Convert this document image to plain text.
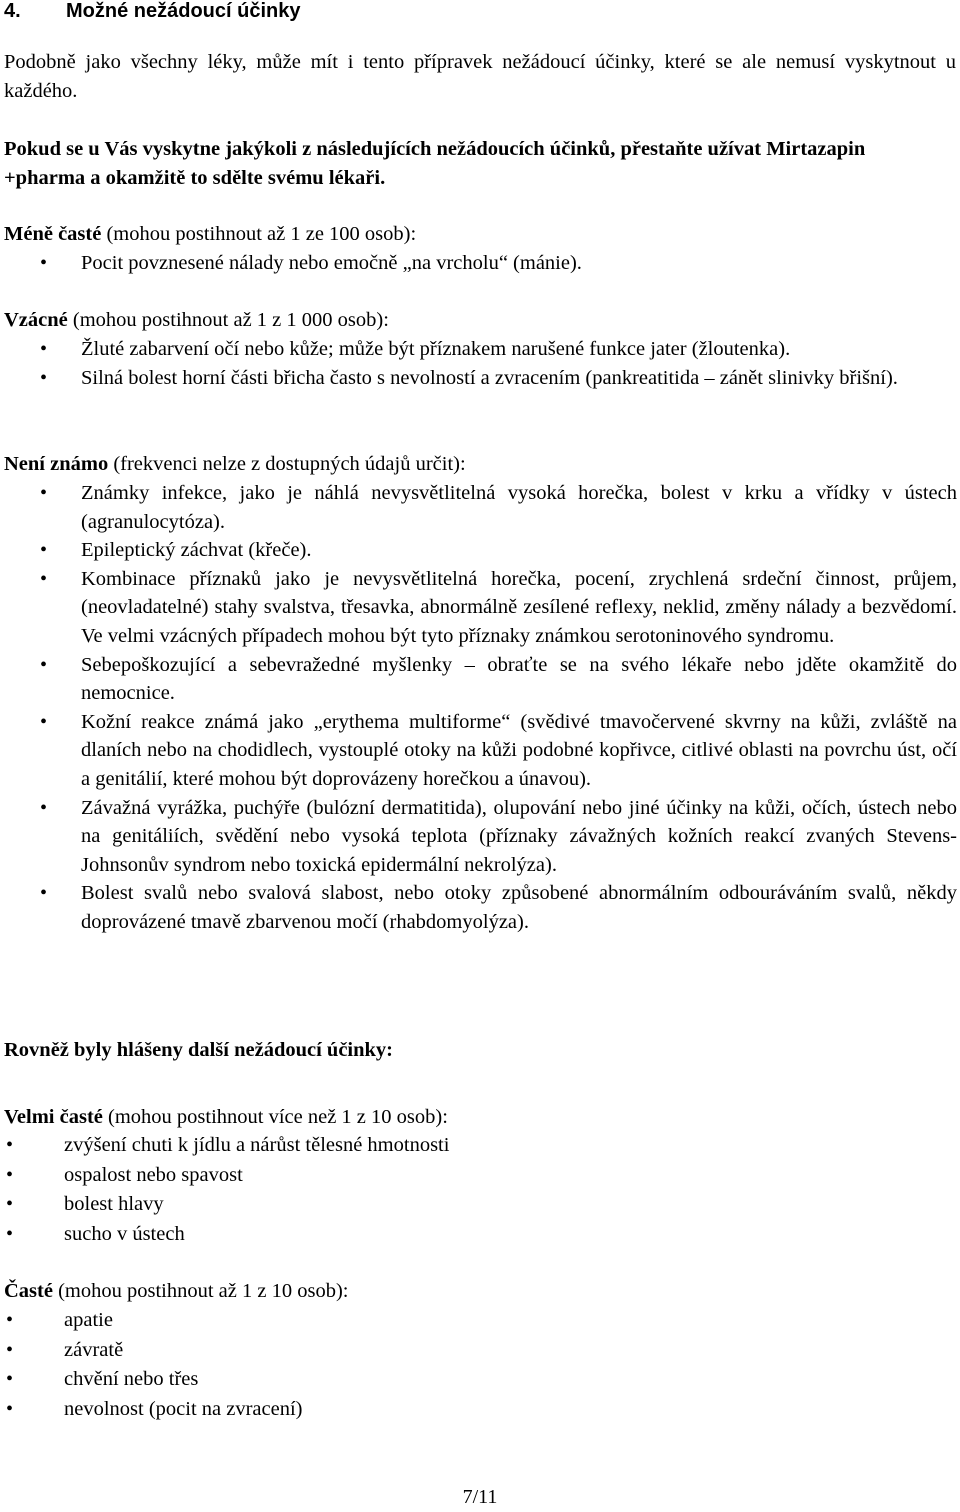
4. Možné nežádoucí účinky
Podobně jako všechny léky, může mít i tento přípravek nežádoucí účinky, které se ale nemusí vyskytnout u každého.
Pokud se u Vás vyskytne jakýkoli z následujících nežádoucích účinků, přestaňte užívat Mirtazapin +pharma a okamžitě to sdělte svému lékaři.
Méně časté (mohou postihnout až 1 ze 100 osob):
• Pocit povznesené nálady nebo emočně „na vrcholu“ (mánie).
Vzácné (mohou postihnout až 1 z 1 000 osob):
• Žluté zabarvení očí nebo kůže; může být příznakem narušené funkce jater (žloutenka).
• Silná bolest horní části břicha často s nevolností a zvracením (pankreatitida – zánět slinivky břišní).
Není známo (frekvenci nelze z dostupných údajů určit):
• Známky infekce, jako je náhlá nevysvětlitelná vysoká horečka, bolest v krku a vřídky v ústech (agranulocytóza).
• Epileptický záchvat (křeče).
• Kombinace příznaků jako je nevysvětlitelná horečka, pocení, zrychlená srdeční činnost, průjem, (neovladatelné) stahy svalstva, třesavka, abnormálně zesílené reflexy, neklid, změny nálady a bezvědomí. Ve velmi vzácných případech mohou být tyto příznaky známkou serotoninového syndromu.
• Sebepoškozující a sebevražedné myšlenky – obraťte se na svého lékaře nebo jděte okamžitě do nemocnice.
• Kožní reakce známá jako „erythema multiforme“ (svědivé tmavočervené skvrny na kůži, zvláště na dlaních nebo na chodidlech, vystouplé otoky na kůži podobné kopřivce, citlivé oblasti na povrchu úst, očí a genitálií, které mohou být doprovázeny horečkou a únavou).
• Závažná vyrážka, puchýře (bulózní dermatitida), olupování nebo jiné účinky na kůži, očích, ústech nebo na genitáliích, svědění nebo vysoká teplota (příznaky závažných kožních reakcí zvaných Stevens-Johnsonův syndrom nebo toxická epidermální nekrolýza).
• Bolest svalů nebo svalová slabost, nebo otoky způsobené abnormálním odbouráváním svalů, někdy doprovázené tmavě zbarvenou močí (rhabdomyolýza).
Rovněž byly hlášeny další nežádoucí účinky:
Velmi časté (mohou postihnout více než 1 z 10 osob):
• zvýšení chuti k jídlu a nárůst tělesné hmotnosti
• ospalost nebo spavost
• bolest hlavy
• sucho v ústech
Časté (mohou postihnout až 1 z 10 osob):
• apatie
• závratě
• chvění nebo třes
• nevolnost (pocit na zvracení)
7/11
